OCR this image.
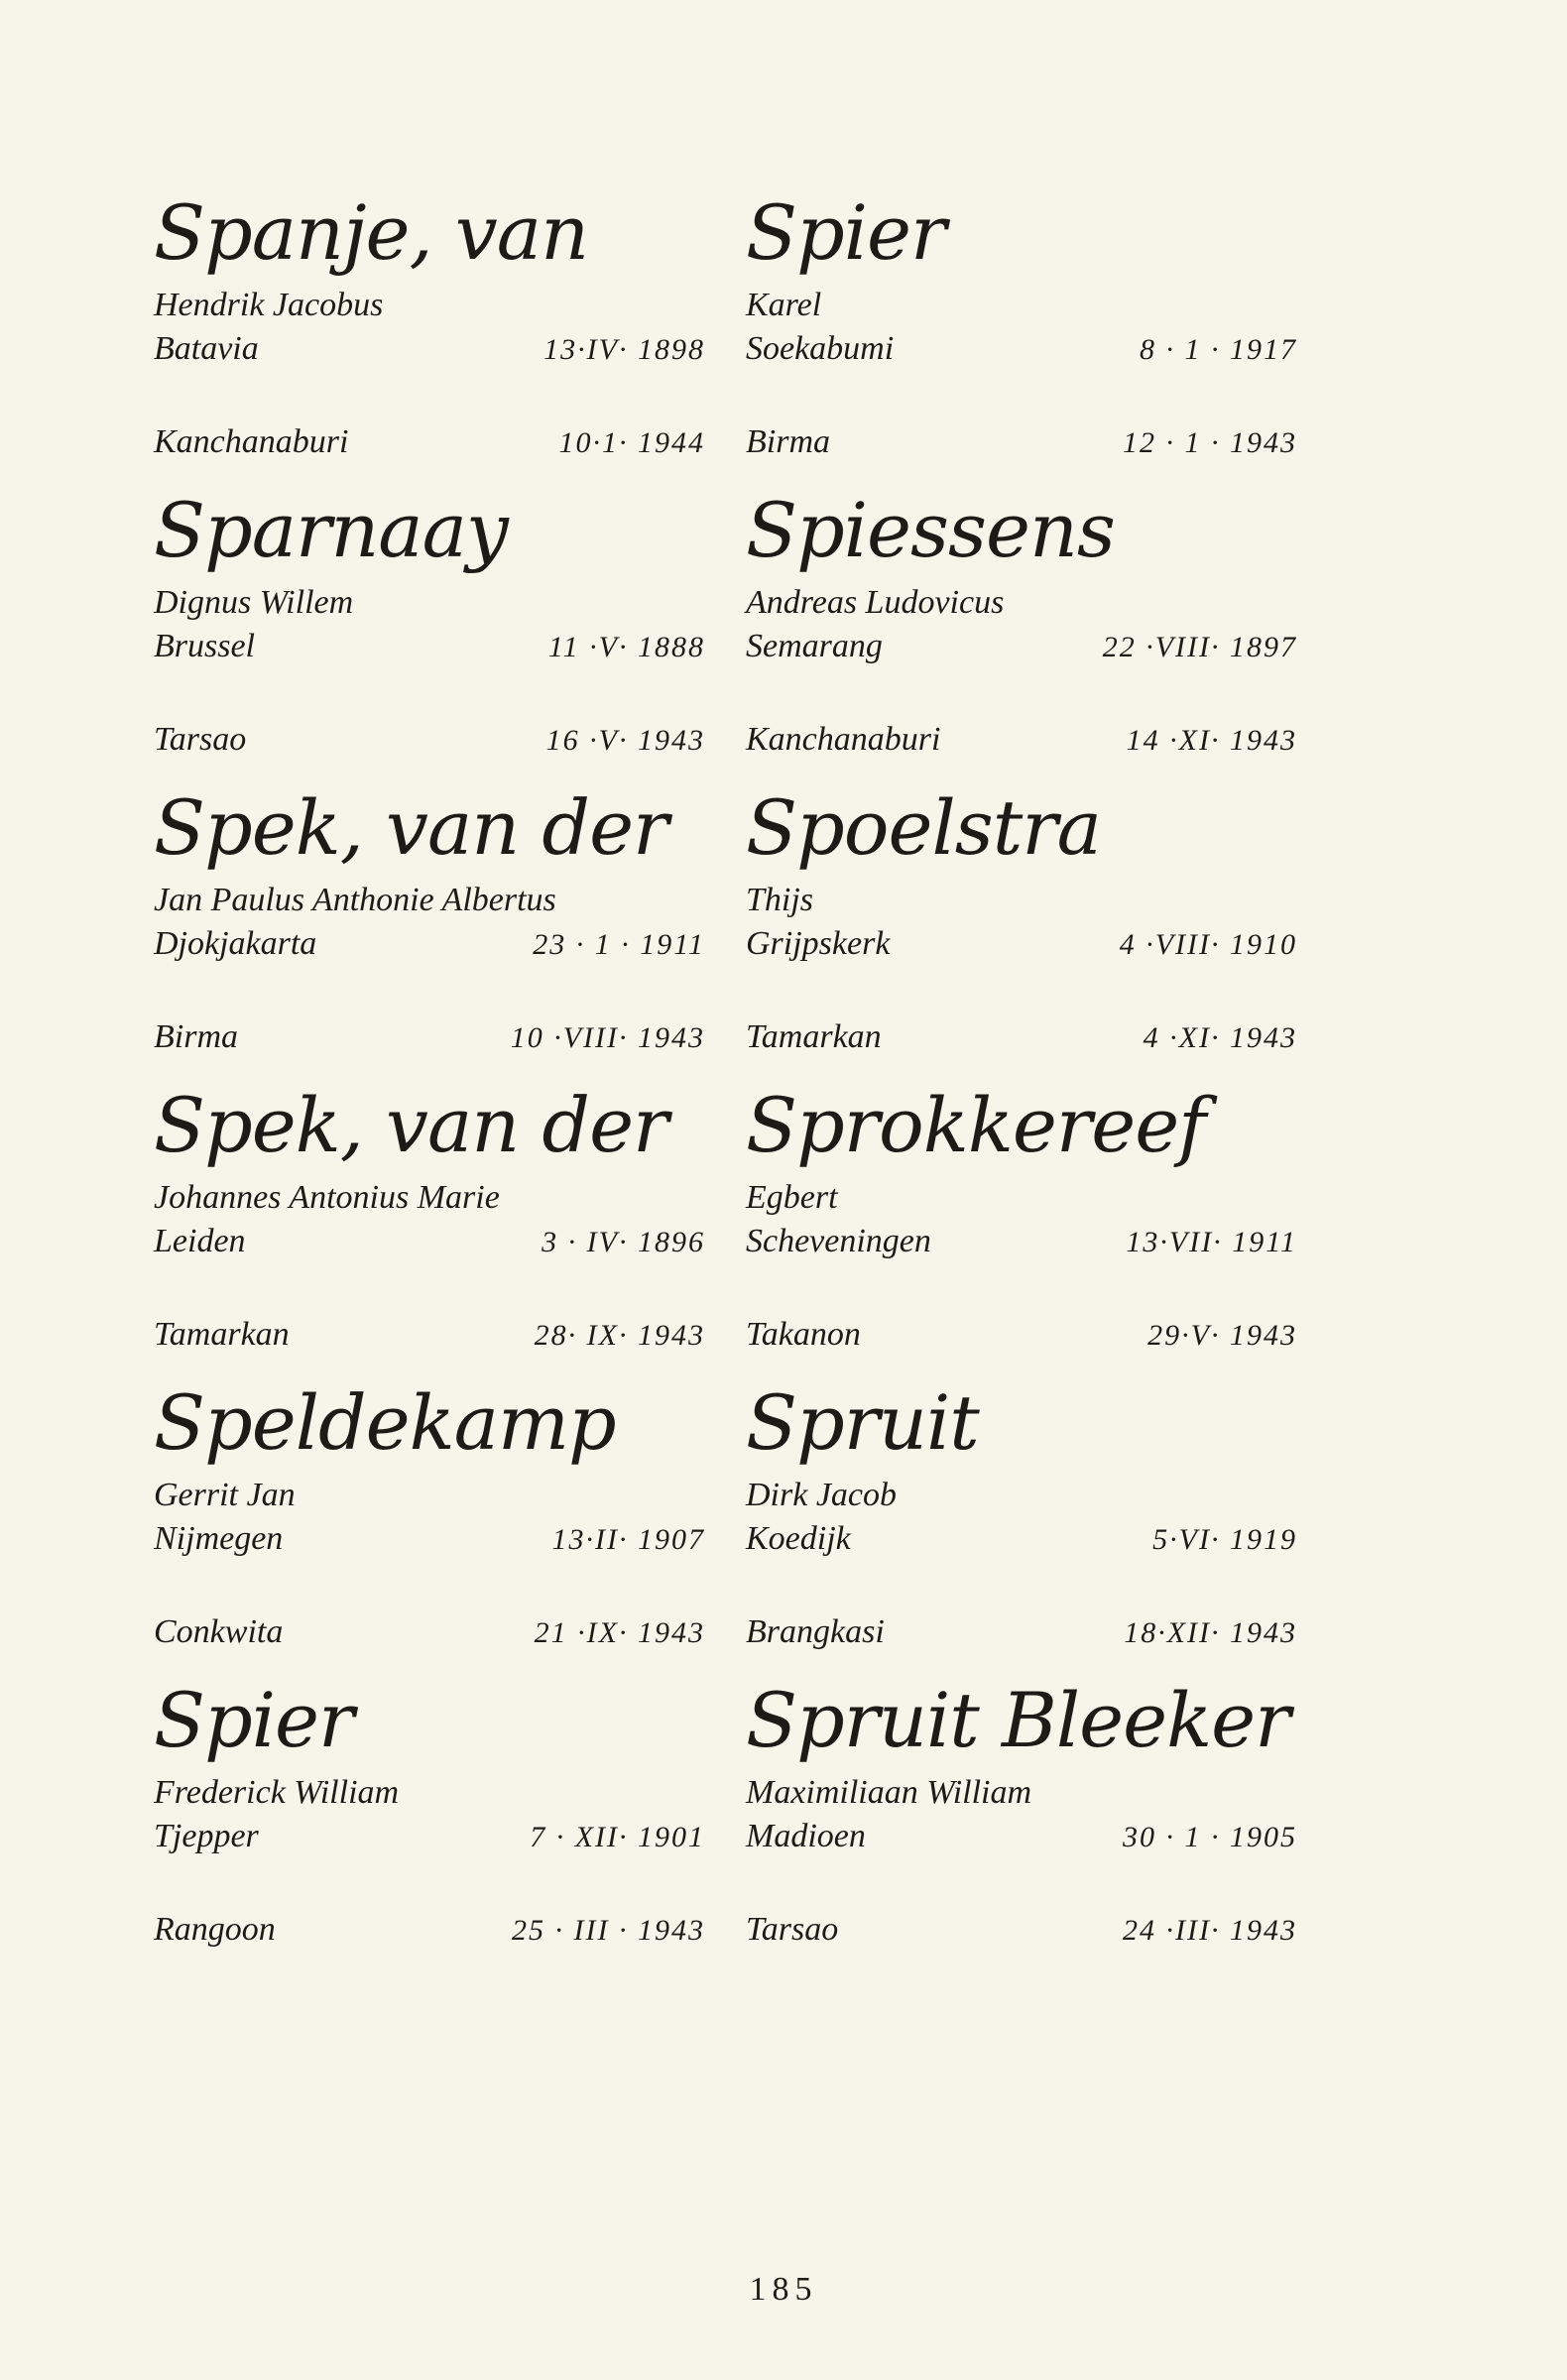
Spanje, van
Hendrik Jacobus
Batavia	13·IV· 1898
Kanchanaburi	10·1· 1944
Sparnaay
Dignus Willem
Brussel	11 ·V· 1888
Tarsao	16 ·V· 1943
Spek, van der
Jan Paulus Anthonie Albertus
Djokjakarta	23 · 1 · 1911
Birma	10 ·VIII· 1943
Spek, van der
Johannes Antonius Marie
Leiden	3 · IV· 1896
Tamarkan	28· IX· 1943
Speldekamp
Gerrit Jan
Nijmegen	13·II· 1907
Conkwita	21 ·IX· 1943
Spier
Frederick William
Tjepper	7 · XII· 1901
Rangoon	25 · III · 1943
Spier
Karel
Soekabumi	8 · 1 · 1917
Birma	12 · 1 · 1943
Spiessens
Andreas Ludovicus
Semarang	22 ·VIII· 1897
Kanchanaburi	14 ·XI· 1943
Spoelstra
Thijs
Grijpskerk	4 ·VIII· 1910
Tamarkan	4 ·XI· 1943
Sprokkereef
Egbert
Scheveningen	13·VII· 1911
Takanon	29·V· 1943
Spruit
Dirk Jacob
Koedijk	5·VI· 1919
Brangkasi	18·XII· 1943
Spruit Bleeker
Maximiliaan William
Madioen	30 · 1 · 1905
Tarsao	24 ·III· 1943
185
